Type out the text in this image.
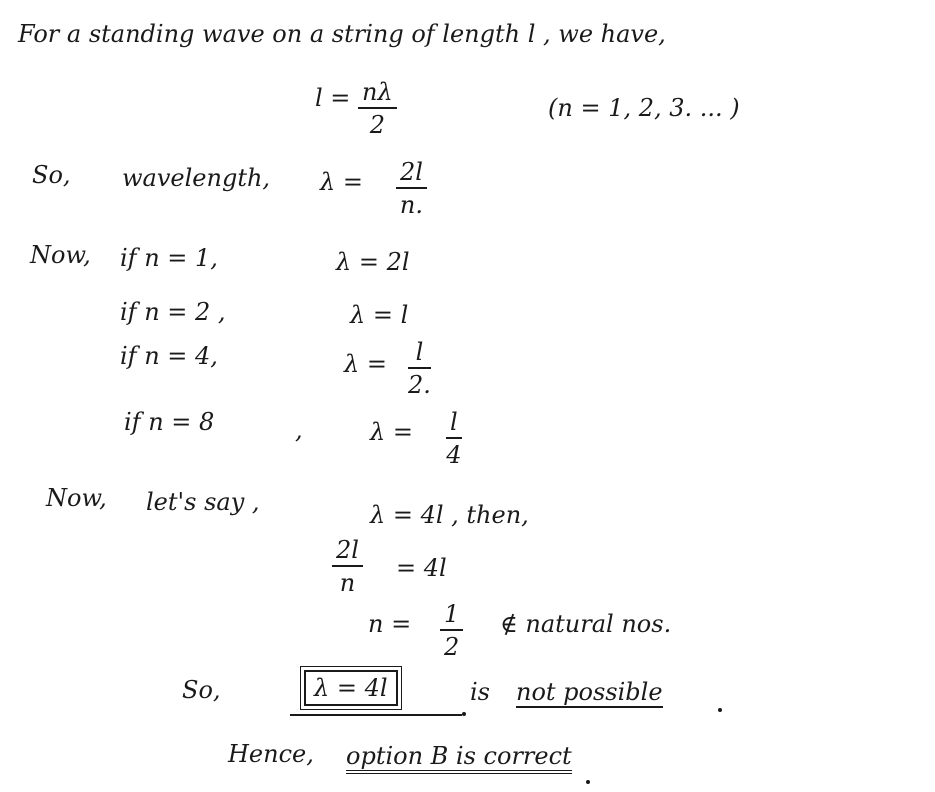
For a standing wave on a string of length l , we have,
$l = \frac{n\lambda}{2}$	(n = 1, 2, 3. ... )
So, wavelength, $\lambda = \frac{2l}{n.}$
Now, if n = 1,	λ = 2l
if n = 2 ,	λ = l
if n = 4,	$\lambda = \frac{l}{2.}$
if n = 8	,	$\lambda = \frac{l}{4}$
Now, let's say ,	λ = 4l , then,
$\frac{2l}{n} = 4l$
$n = \frac{1}{2}$ ∉ natural nos.
So,	λ = 4l	is not possible
Hence, option B is correct
